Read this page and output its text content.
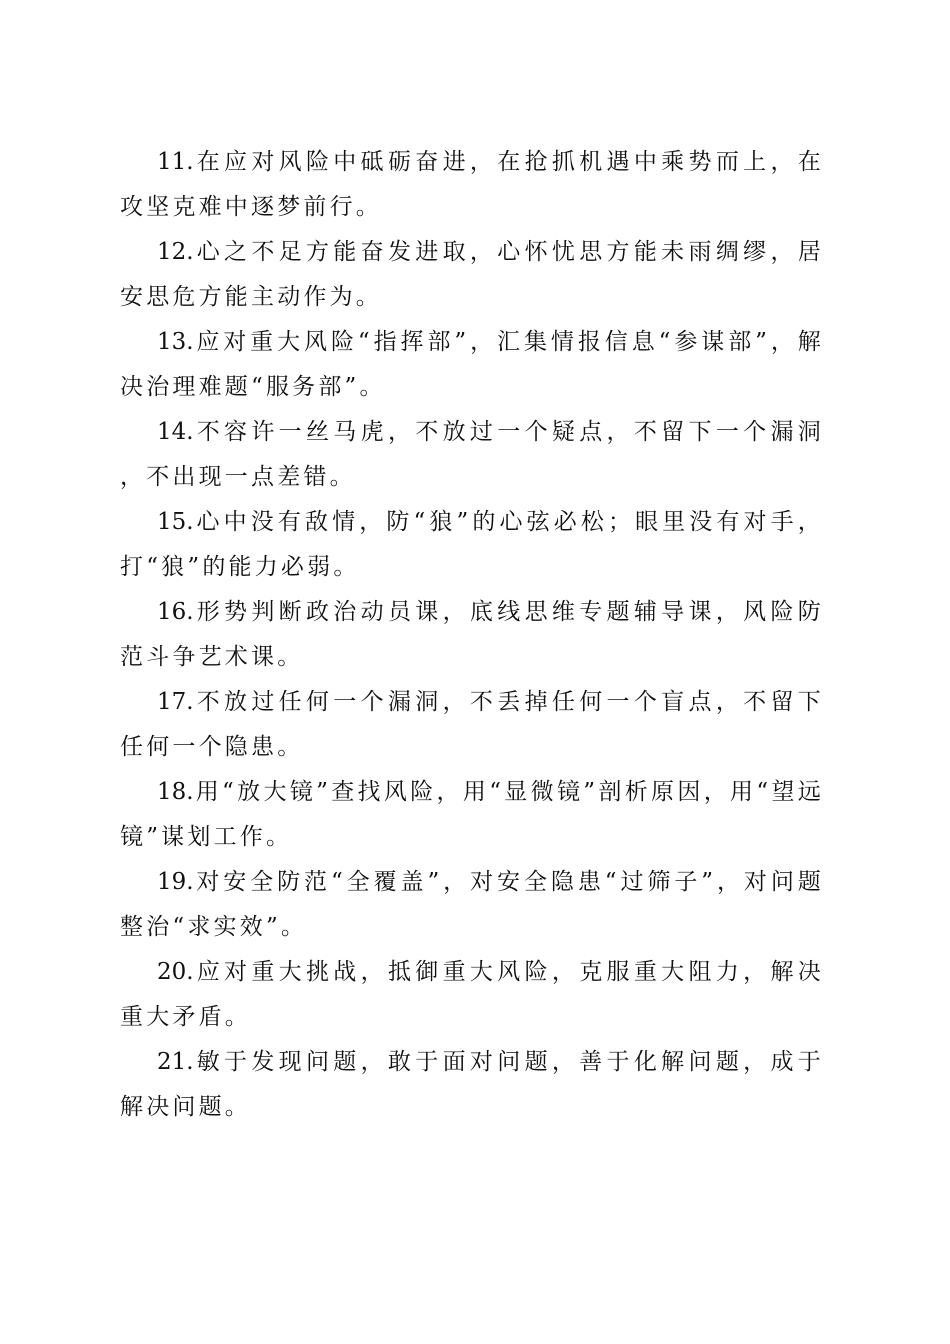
11.在应对风险中砥砺奋进，在抢抓机遇中乘势而上，在攻坚克难中逐梦前行。

12.心之不足方能奋发进取，心怀忧思方能未雨绸缪，居安思危方能主动作为。

13.应对重大风险“指挥部”，汇集情报信息“参谋部”，解决治理难题“服务部”。

14.不容许一丝马虎，不放过一个疑点，不留下一个漏洞，不出现一点差错。

15.心中没有敌情，防“狼”的心弦必松；眼里没有对手，打“狼”的能力必弱。

16.形势判断政治动员课，底线思维专题辅导课，风险防范斗争艺术课。

17.不放过任何一个漏洞，不丢掉任何一个盲点，不留下任何一个隐患。

18.用“放大镜”查找风险，用“显微镜”剖析原因，用“望远镜”谋划工作。

19.对安全防范“全覆盖”，对安全隐患“过筛子”，对问题整治“求实效”。

20.应对重大挑战，抵御重大风险，克服重大阻力，解决重大矛盾。

21.敏于发现问题，敢于面对问题，善于化解问题，成于解决问题。
